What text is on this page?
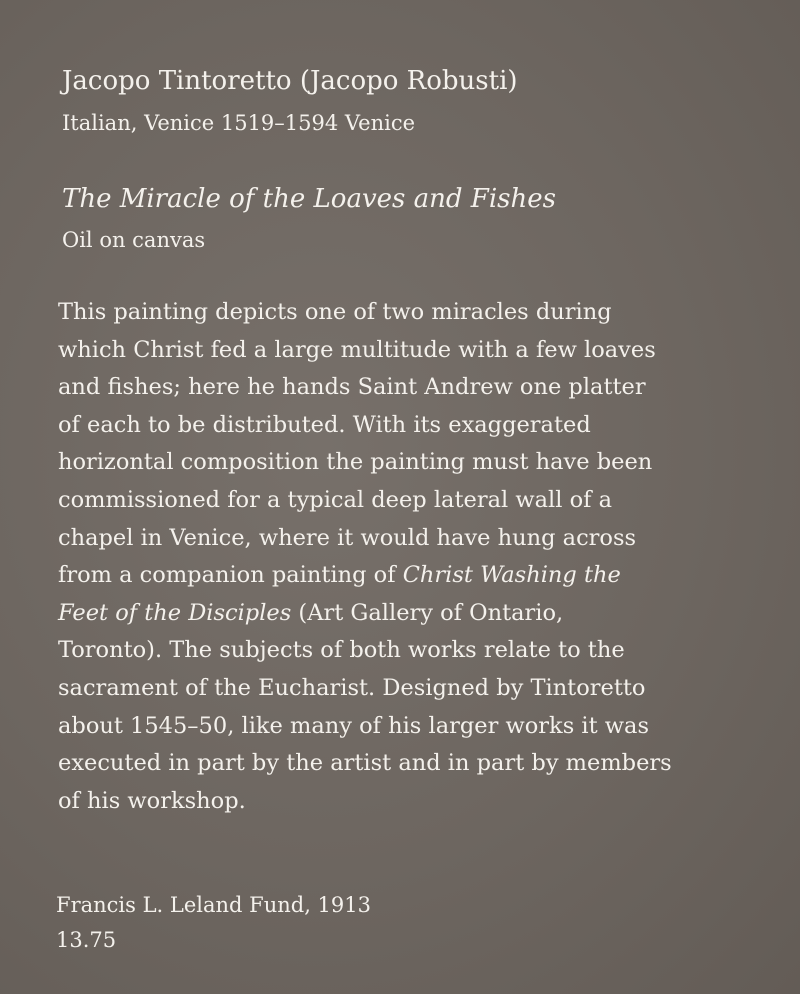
Jacopo Tintoretto (Jacopo Robusti)
Italian, Venice 1519–1594 Venice
The Miracle of the Loaves and Fishes
Oil on canvas
This painting depicts one of two miracles during
which Christ fed a large multitude with a few loaves
and fishes; here he hands Saint Andrew one platter
of each to be distributed. With its exaggerated
horizontal composition the painting must have been
commissioned for a typical deep lateral wall of a
chapel in Venice, where it would have hung across
from a companion painting of Christ Washing the
Feet of the Disciples (Art Gallery of Ontario,
Toronto). The subjects of both works relate to the
sacrament of the Eucharist. Designed by Tintoretto
about 1545–50, like many of his larger works it was
executed in part by the artist and in part by members
of his workshop.
Francis L. Leland Fund, 1913
13.75
